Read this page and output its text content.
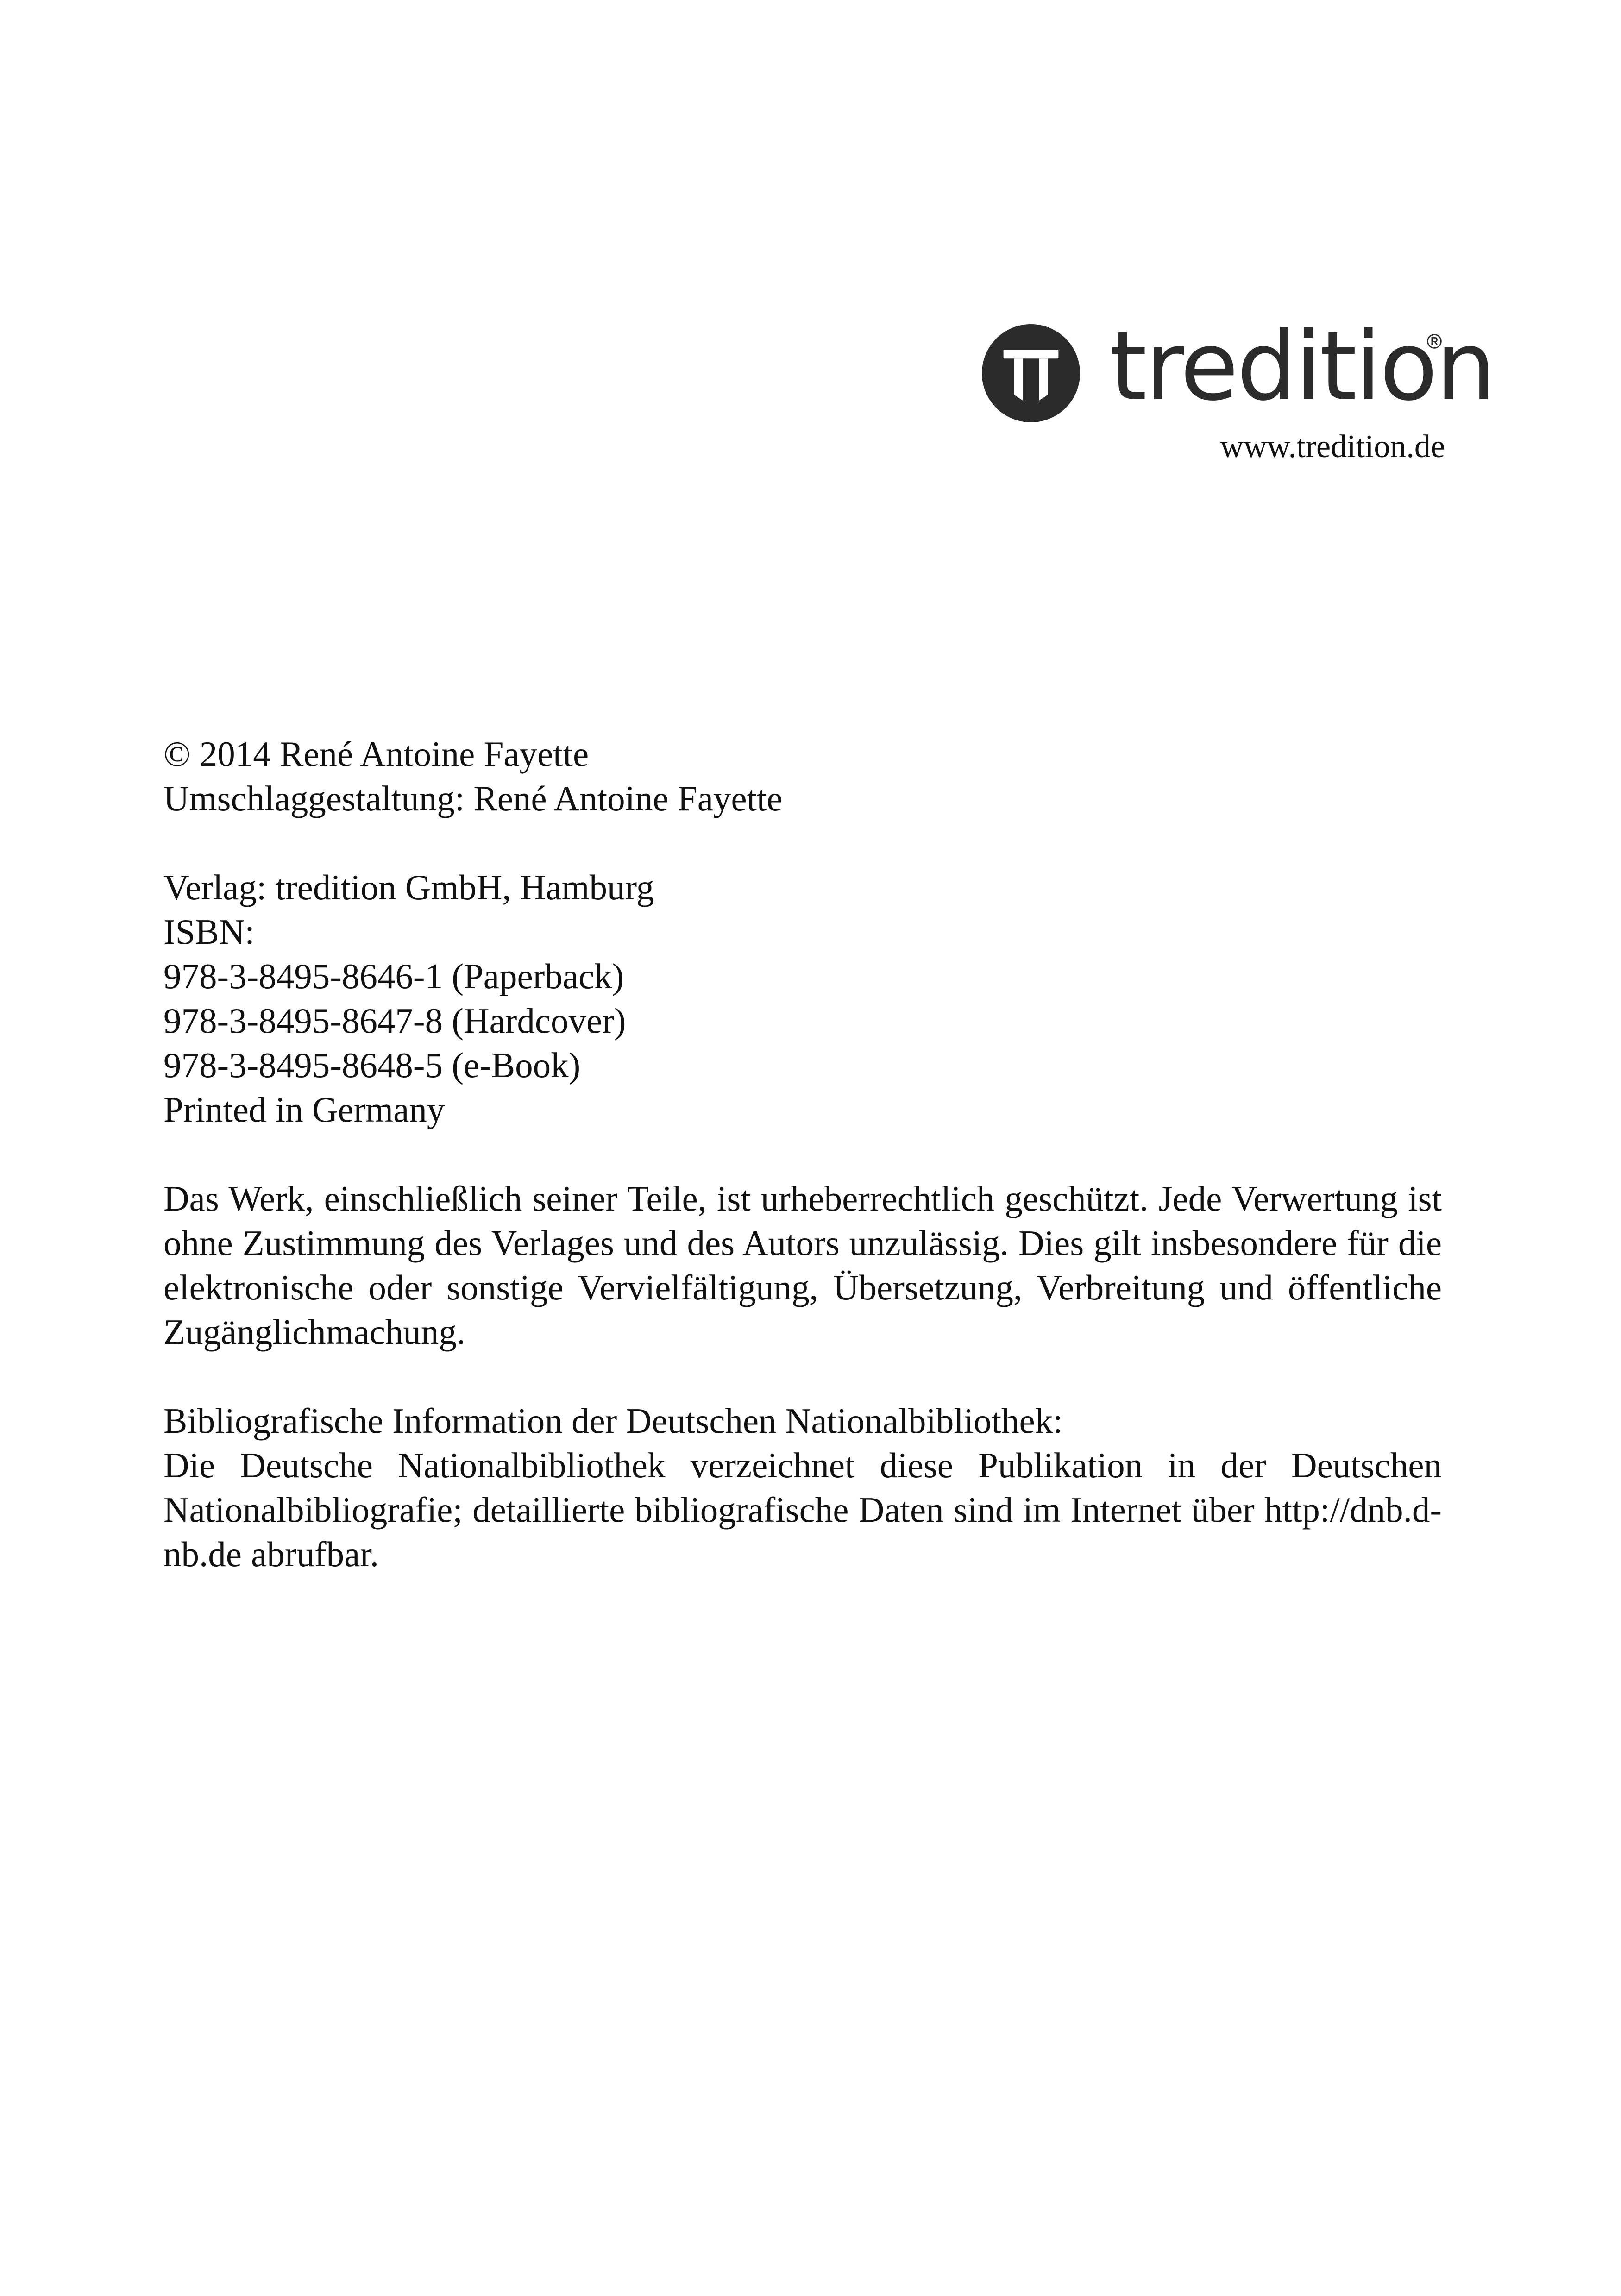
tredition
www.tredition.de
© 2014 René Antoine Fayette
Umschlaggestaltung: René Antoine Fayette
Verlag: tredition GmbH, Hamburg
ISBN:
978-3-8495-8646-1 (Paperback)
978-3-8495-8647-8 (Hardcover)
978-3-8495-8648-5 (e-Book)
Printed in Germany
Das Werk, einschließlich seiner Teile, ist urheberrechtlich geschützt. Jede Verwertung ist ohne Zustimmung des Verlages und des Autors unzulässig. Dies gilt insbesondere für die elektronische oder sonstige Vervielfältigung, Übersetzung, Verbreitung und öffentliche Zugänglichmachung.
Bibliografische Information der Deutschen Nationalbibliothek:
Die Deutsche Nationalbibliothek verzeichnet diese Publikation in der Deutschen Nationalbibliografie; detaillierte bibliografische Daten sind im Internet über http://dnb.d-nb.de abrufbar.
